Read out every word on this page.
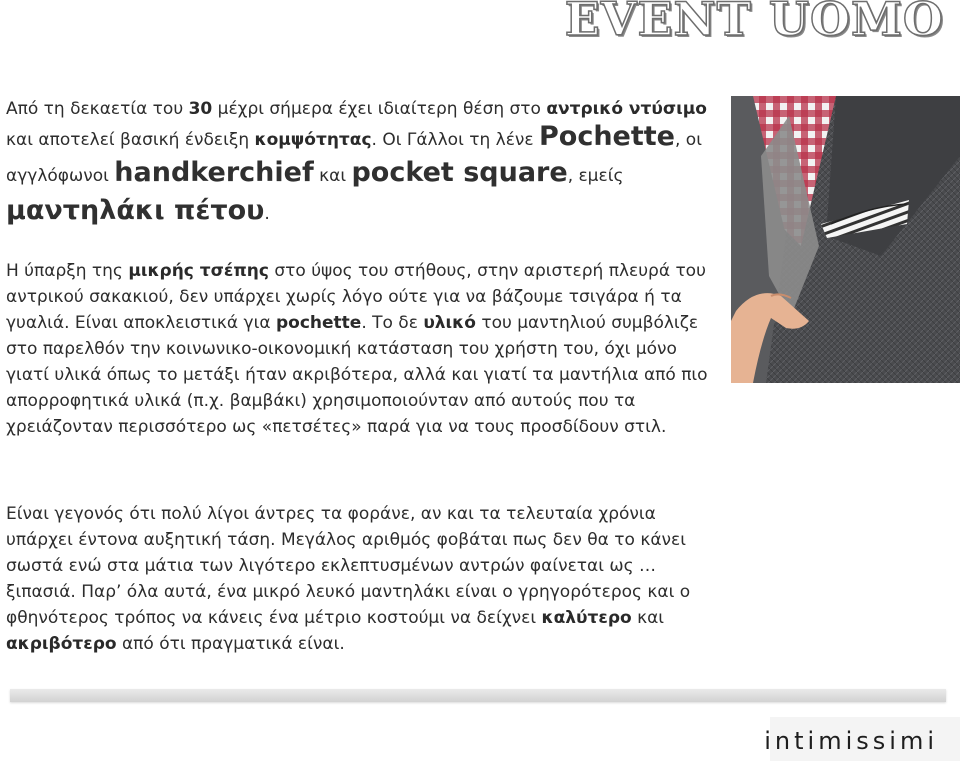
EVENT UOMO

Από τη δεκαετία του 30 μέχρι σήμερα έχει ιδιαίτερη θέση στο αντρικό ντύσιμο και αποτελεί βασική ένδειξη κομψότητας. Οι Γάλλοι τη λένε Pochette, οι αγγλόφωνοι handkerchief και pocket square, εμείς μαντηλάκι πέτου.

Η ύπαρξη της μικρής τσέπης στο ύψος του στήθους, στην αριστερή πλευρά του αντρικού σακακιού, δεν υπάρχει χωρίς λόγο ούτε για να βάζουμε τσιγάρα ή τα γυαλιά. Είναι αποκλειστικά για pochette. Το δε υλικό του μαντηλιού συμβόλιζε στο παρελθόν την κοινωνικο-οικονομική κατάσταση του χρήστη του, όχι μόνο γιατί υλικά όπως το μετάξι ήταν ακριβότερα, αλλά και γιατί τα μαντήλια από πιο απορροφητικά υλικά (π.χ. βαμβάκι) χρησιμοποιούνταν από αυτούς που τα χρειάζονταν περισσότερο ως «πετσέτες» παρά για να τους προσδίδουν στιλ.

Είναι γεγονός ότι πολύ λίγοι άντρες τα φοράνε, αν και τα τελευταία χρόνια υπάρχει έντονα αυξητική τάση. Μεγάλος αριθμός φοβάται πως δεν θα το κάνει σωστά ενώ στα μάτια των λιγότερο εκλεπτυσμένων αντρών φαίνεται ως … ξιπασιά. Παρ’ όλα αυτά, ένα μικρό λευκό μαντηλάκι είναι ο γρηγορότερος και ο φθηνότερος τρόπος να κάνεις ένα μέτριο κοστούμι να δείχνει καλύτερο και ακριβότερο από ότι πραγματικά είναι.

intimissimi
